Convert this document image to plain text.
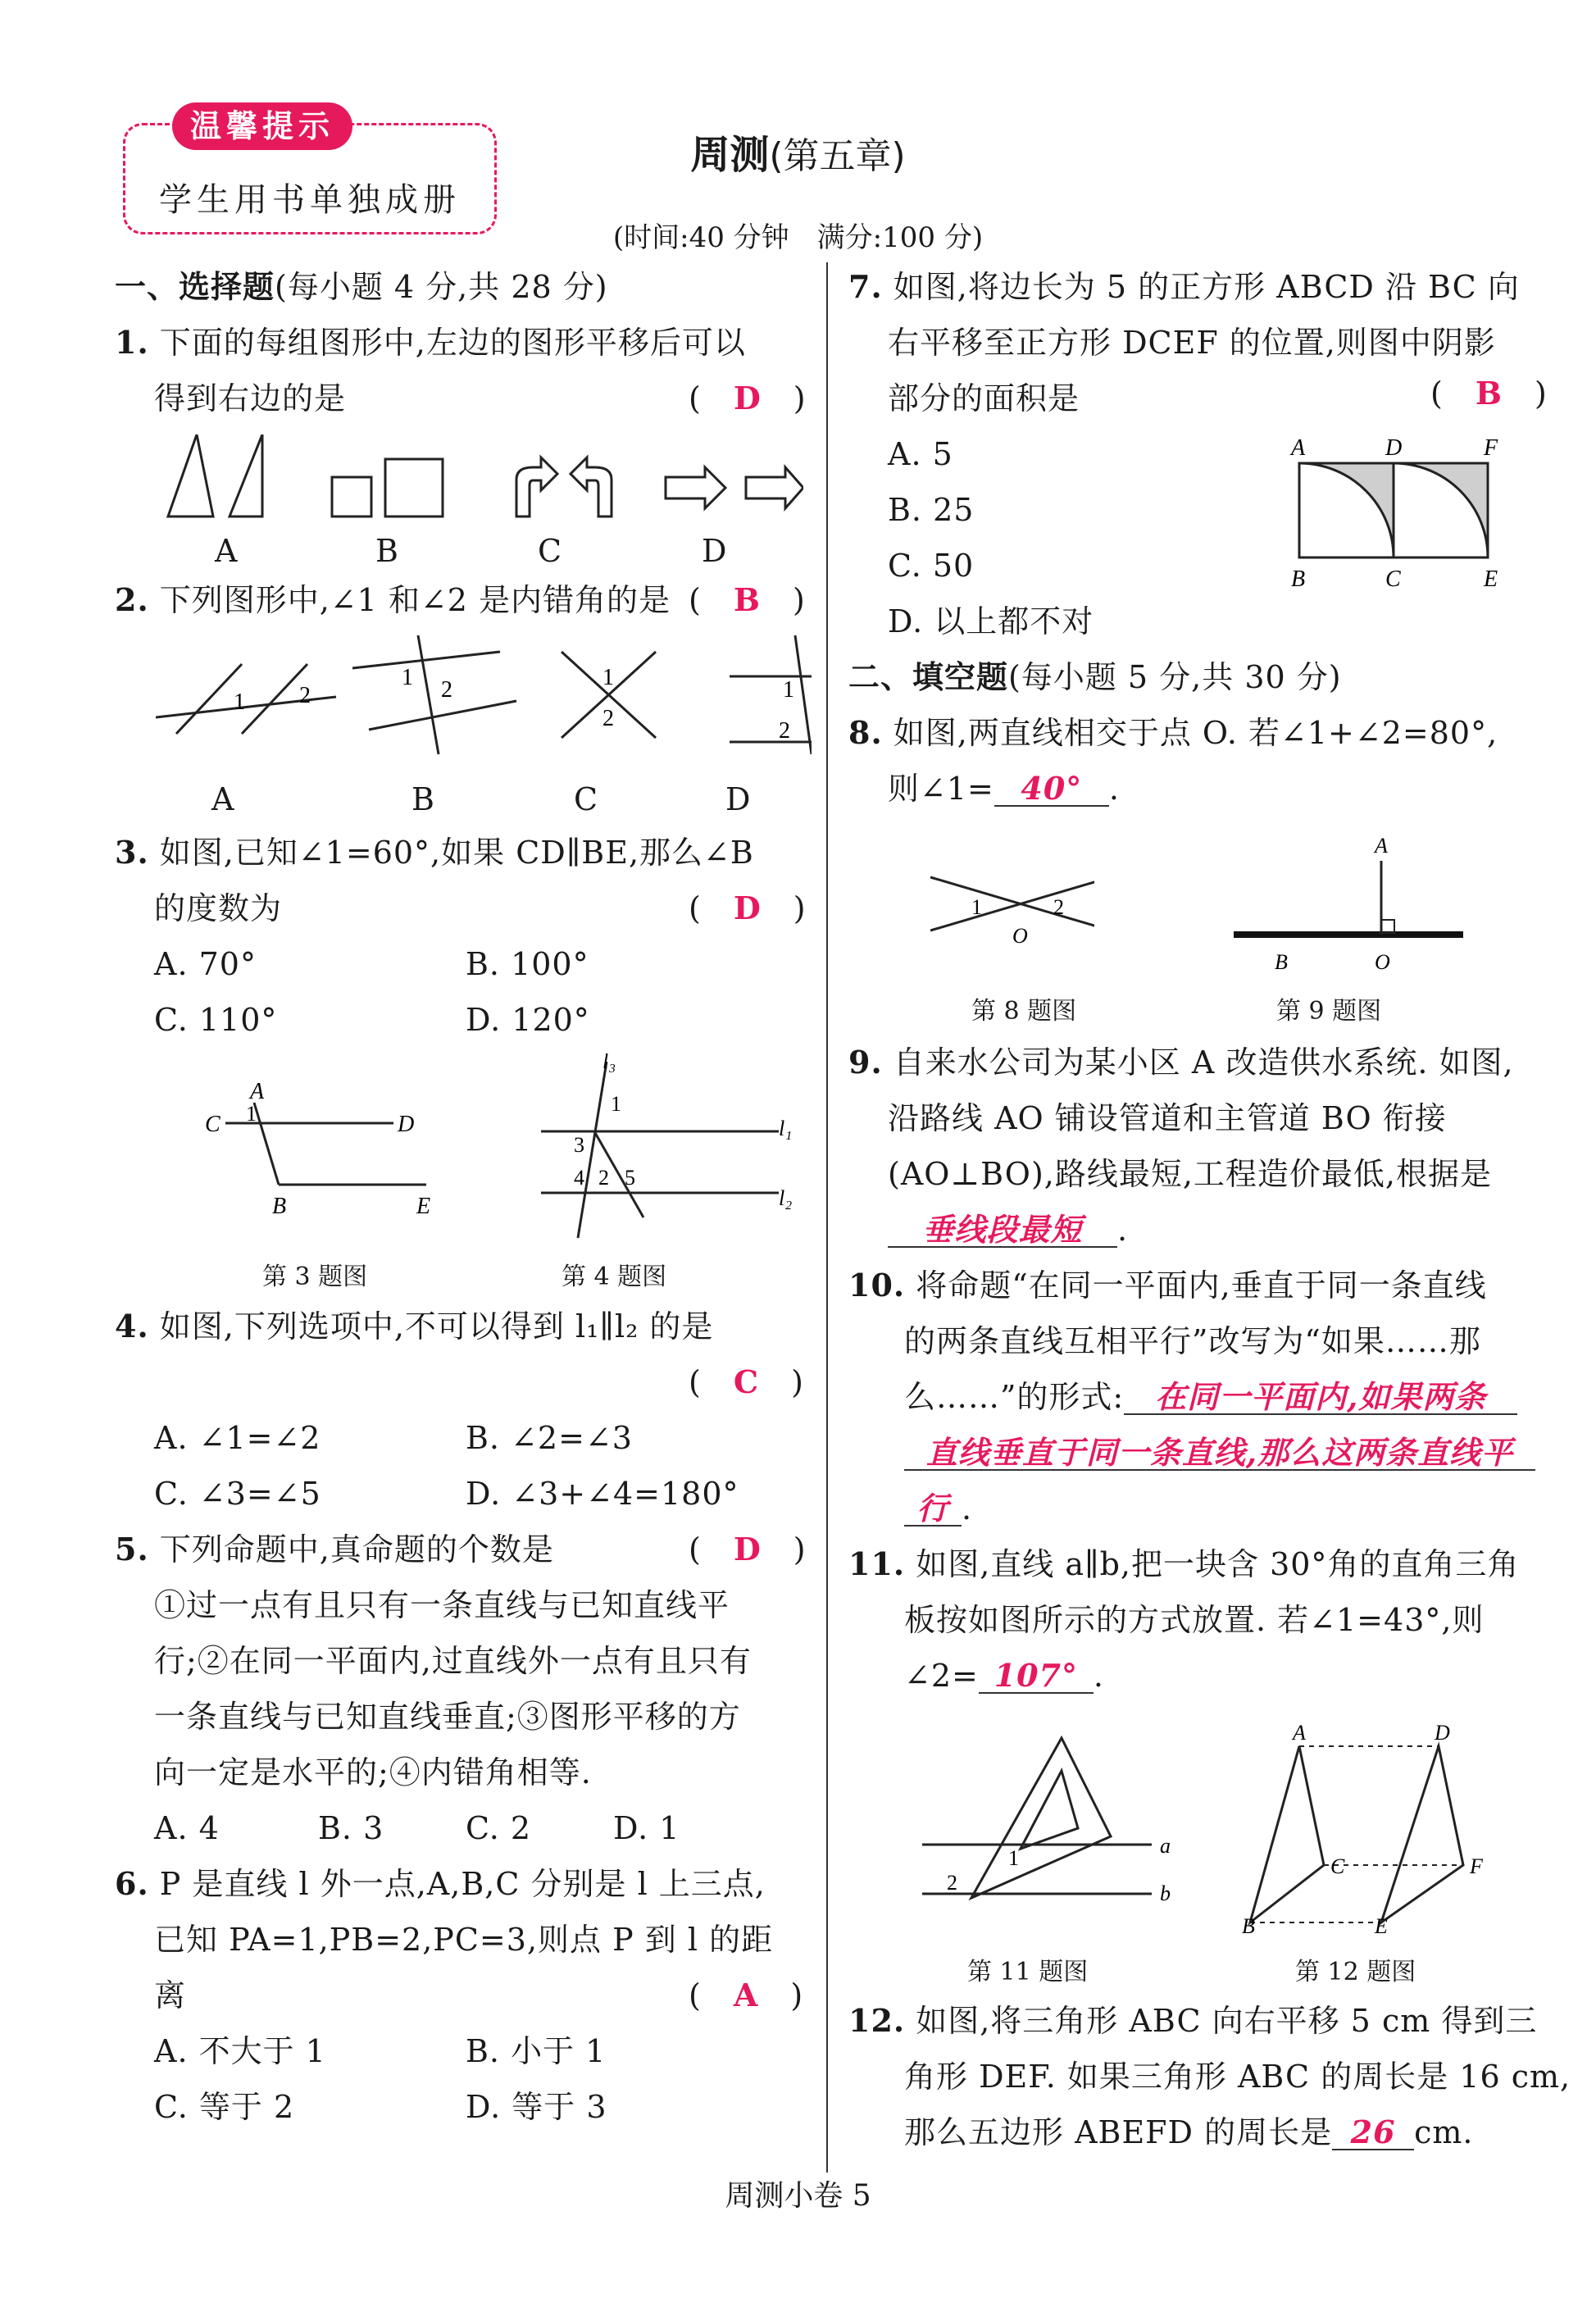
温馨提示
学生用书单独成册
周测(第五章)
(时间:40 分钟　满分:100 分)
一、选择题(每小题 4 分,共 28 分)
1. 下面的每组图形中,左边的图形平移后可以
得到右边的是	(　D　)
A	B	C	D
2. 下列图形中,∠1 和∠2 是内错角的是 (　B　)
1 2
1 2	1
2
1
2
A	B	C	D
3. 如图,已知∠1=60°,如果 CD∥BE,那么∠B
的度数为	(　D　)
A. 70°	B. 100°
C. 110°	D. 120°
A
C	D
B	E
1
第 3 题图
l₃
1
3
4 2 5
l₁
l₂
第 4 题图
4. 如图,下列选项中,不可以得到 l₁∥l₂ 的是
(　C　)
A. ∠1=∠2	B. ∠2=∠3
C. ∠3=∠5	D. ∠3+∠4=180°
5. 下列命题中,真命题的个数是	(　D　)
①过一点有且只有一条直线与已知直线平
行;②在同一平面内,过直线外一点有且只有
一条直线与已知直线垂直;③图形平移的方
向一定是水平的;④内错角相等.
A. 4	B. 3	C. 2	D. 1
6. P 是直线 l 外一点,A,B,C 分别是 l 上三点,
已知 PA=1,PB=2,PC=3,则点 P 到 l 的距
离	(　A　)
A. 不大于 1	B. 小于 1
C. 等于 2	D. 等于 3
7. 如图,将边长为 5 的正方形 ABCD 沿 BC 向
右平移至正方形 DCEF 的位置,则图中阴影
部分的面积是	(　B　)
A. 5
B. 25
C. 50
D. 以上都不对
A	D	F
B	C	E
二、填空题(每小题 5 分,共 30 分)
8. 如图,两直线相交于点 O. 若∠1+∠2=80°,
则∠1= 40° .
1	2
O
第 8 题图
A
B	O
第 9 题图
9. 自来水公司为某小区 A 改造供水系统. 如图,
沿路线 AO 铺设管道和主管道 BO 衔接
(AO⊥BO),路线最短,工程造价最低,根据是
垂线段最短 .
10. 将命题“在同一平面内,垂直于同一条直线
的两条直线互相平行”改写为“如果……那
么……”的形式: 在同一平面内,如果两条
直线垂直于同一条直线,那么这两条直线平
行 .
11. 如图,直线 a∥b,把一块含 30°角的直角三角
板按如图所示的方式放置. 若∠1=43°,则
∠2= 107° .
2
1
a
b
第 11 题图
A	D
C	F
B	E
第 12 题图
12. 如图,将三角形 ABC 向右平移 5 cm 得到三
角形 DEF. 如果三角形 ABC 的周长是 16 cm,
那么五边形 ABEFD 的周长是 26 cm.
周测小卷 5
